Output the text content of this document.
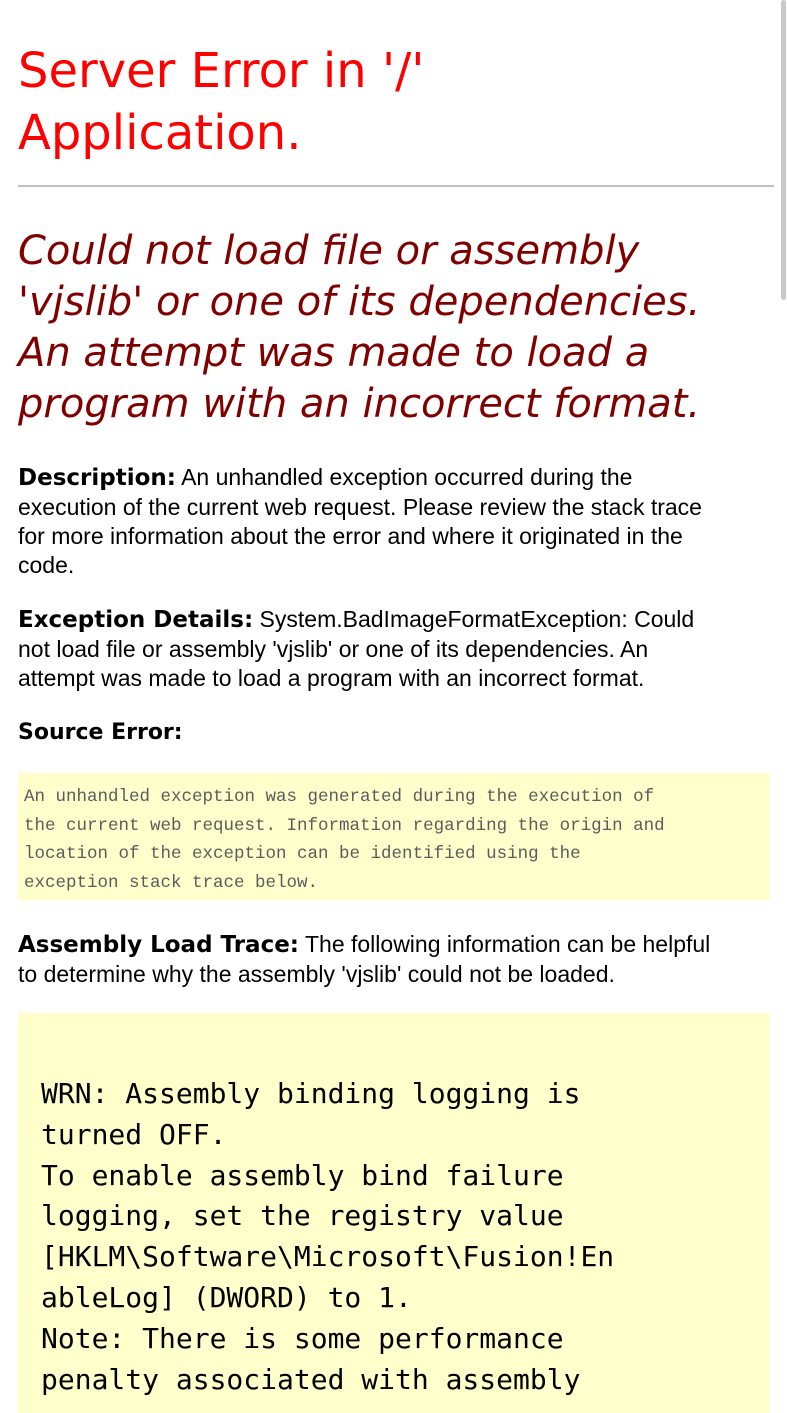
Server Error in '/'
Application.
Could not load file or assembly
'vjslib' or one of its dependencies.
An attempt was made to load a
program with an incorrect format.

Description: An unhandled exception occurred during the
execution of the current web request. Please review the stack trace
for more information about the error and where it originated in the
code.

Exception Details: System.BadImageFormatException: Could
not load file or assembly 'vjslib' or one of its dependencies. An
attempt was made to load a program with an incorrect format.

Source Error:

An unhandled exception was generated during the execution of
the current web request. Information regarding the origin and
location of the exception can be identified using the
exception stack trace below.

Assembly Load Trace: The following information can be helpful
to determine why the assembly 'vjslib' could not be loaded.

WRN: Assembly binding logging is
turned OFF.
To enable assembly bind failure
logging, set the registry value
[HKLM\Software\Microsoft\Fusion!En
ableLog] (DWORD) to 1.
Note: There is some performance
penalty associated with assembly
